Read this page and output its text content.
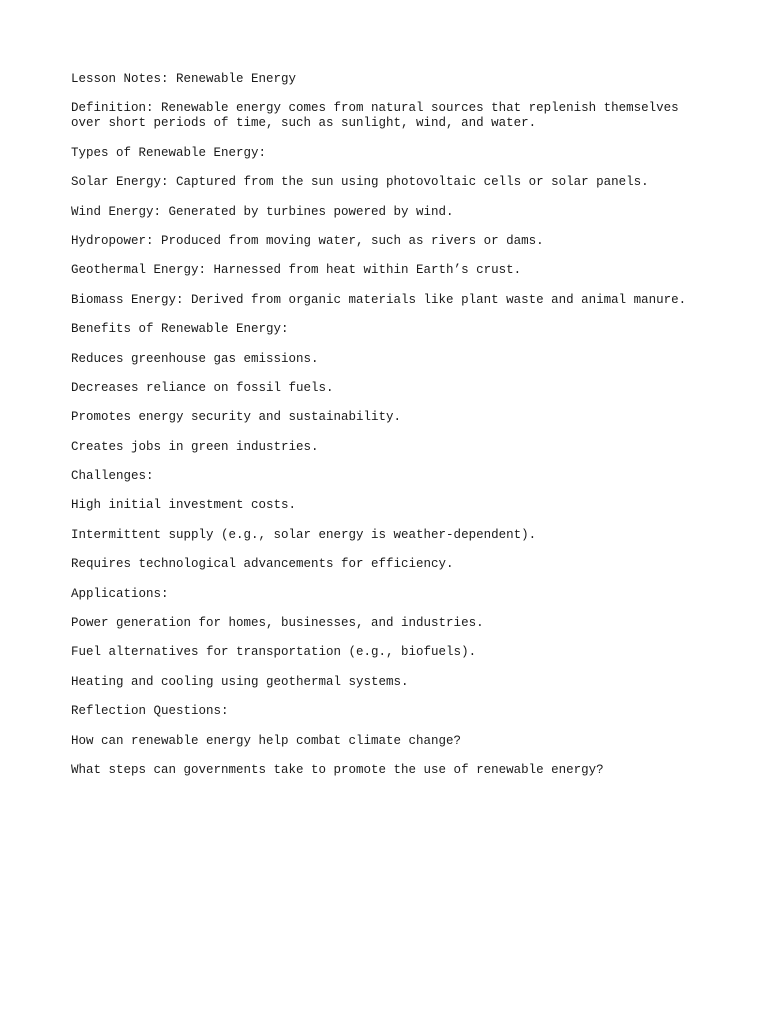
Lesson Notes: Renewable Energy

Definition: Renewable energy comes from natural sources that replenish themselves over short periods of time, such as sunlight, wind, and water.

Types of Renewable Energy:

Solar Energy: Captured from the sun using photovoltaic cells or solar panels.

Wind Energy: Generated by turbines powered by wind.

Hydropower: Produced from moving water, such as rivers or dams.

Geothermal Energy: Harnessed from heat within Earth’s crust.

Biomass Energy: Derived from organic materials like plant waste and animal manure.

Benefits of Renewable Energy:

Reduces greenhouse gas emissions.

Decreases reliance on fossil fuels.

Promotes energy security and sustainability.

Creates jobs in green industries.

Challenges:

High initial investment costs.

Intermittent supply (e.g., solar energy is weather-dependent).

Requires technological advancements for efficiency.

Applications:

Power generation for homes, businesses, and industries.

Fuel alternatives for transportation (e.g., biofuels).

Heating and cooling using geothermal systems.

Reflection Questions:

How can renewable energy help combat climate change?

What steps can governments take to promote the use of renewable energy?
